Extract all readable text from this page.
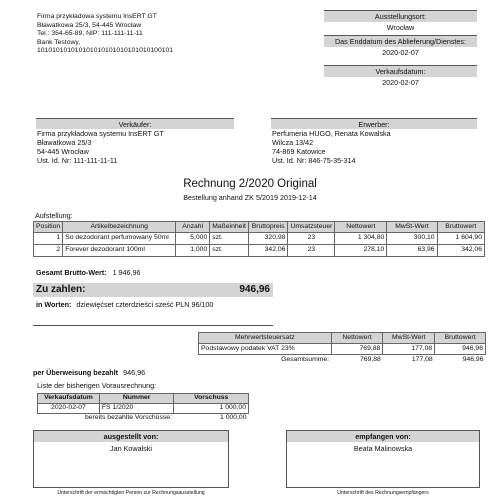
Firma przykładowa systemu InsERT GT
Bławatkowa 25/3, 54-445 Wrocław
Tel.: 354-65-89, NIP: 111-111-11-11
Bank Testowy,
101010101010101010101010101010100101
Ausstellungsort:
Wrocław
Das Enddatum des Ablieferung/Dienstes:
2020-02-07
Verkaufsdatum:
2020-02-07
Verkäufer:
Firma przykładowa systemu InsERT GT
Bławatkowa 25/3
54-445 Wrocław
Ust. Id. Nr: 111-111-11-11
Erwerber:
Perfumeria HUGO, Renata Kowalska
Wilcza 13/42
74-869 Katowice
Ust. Id. Nr: 846-75-35-314
Rechnung 2/2020 Original
Bestellung anhand ZK 5/2019 2019-12-14
Aufstellung:
Position	Artikelbezeichnung	Anzahl	Maßeinheit	Bruttopreis	Umsatzsteuer	Nettowert	MwSt-Wert	Bruttowert
1	So dezodorant perfumowany 50ml	5,000	szt.	320,98	23	1 304,80	300,10	1 604,90
2	Forever dezodorant 100ml	1,000	szt.	342,06	23	278,10	63,96	342,06
Gesamt Brutto-Wert: 1 946,96
Zu zahlen:	946,96
in Worten: dziewięćset czterdzieści sześć PLN 96/100
Mehrwertsteuersatz	Nettowert	MwSt-Wert	Bruttowert
Podstawowy podatek VAT 23%	769,88	177,08	946,96
Gesamtsumme:	769,88	177,08	946,96
per Überweisung bezahlt 946,96
Liste der bisherigen Vorausrechnung:
Verkaufsdatum	Nummer	Vorschuss
2020-02-07	FS 1/2020	1 000,00
bereits bezahlte Vorschüsse:		1 000,00
ausgestellt von:
Jan Kowalski
empfangen von:
Beata Malinowska
Unterschrift der ermächtigten Person zur Rechnungsausstellung	Unterschrift des Rechnungsempfängers
